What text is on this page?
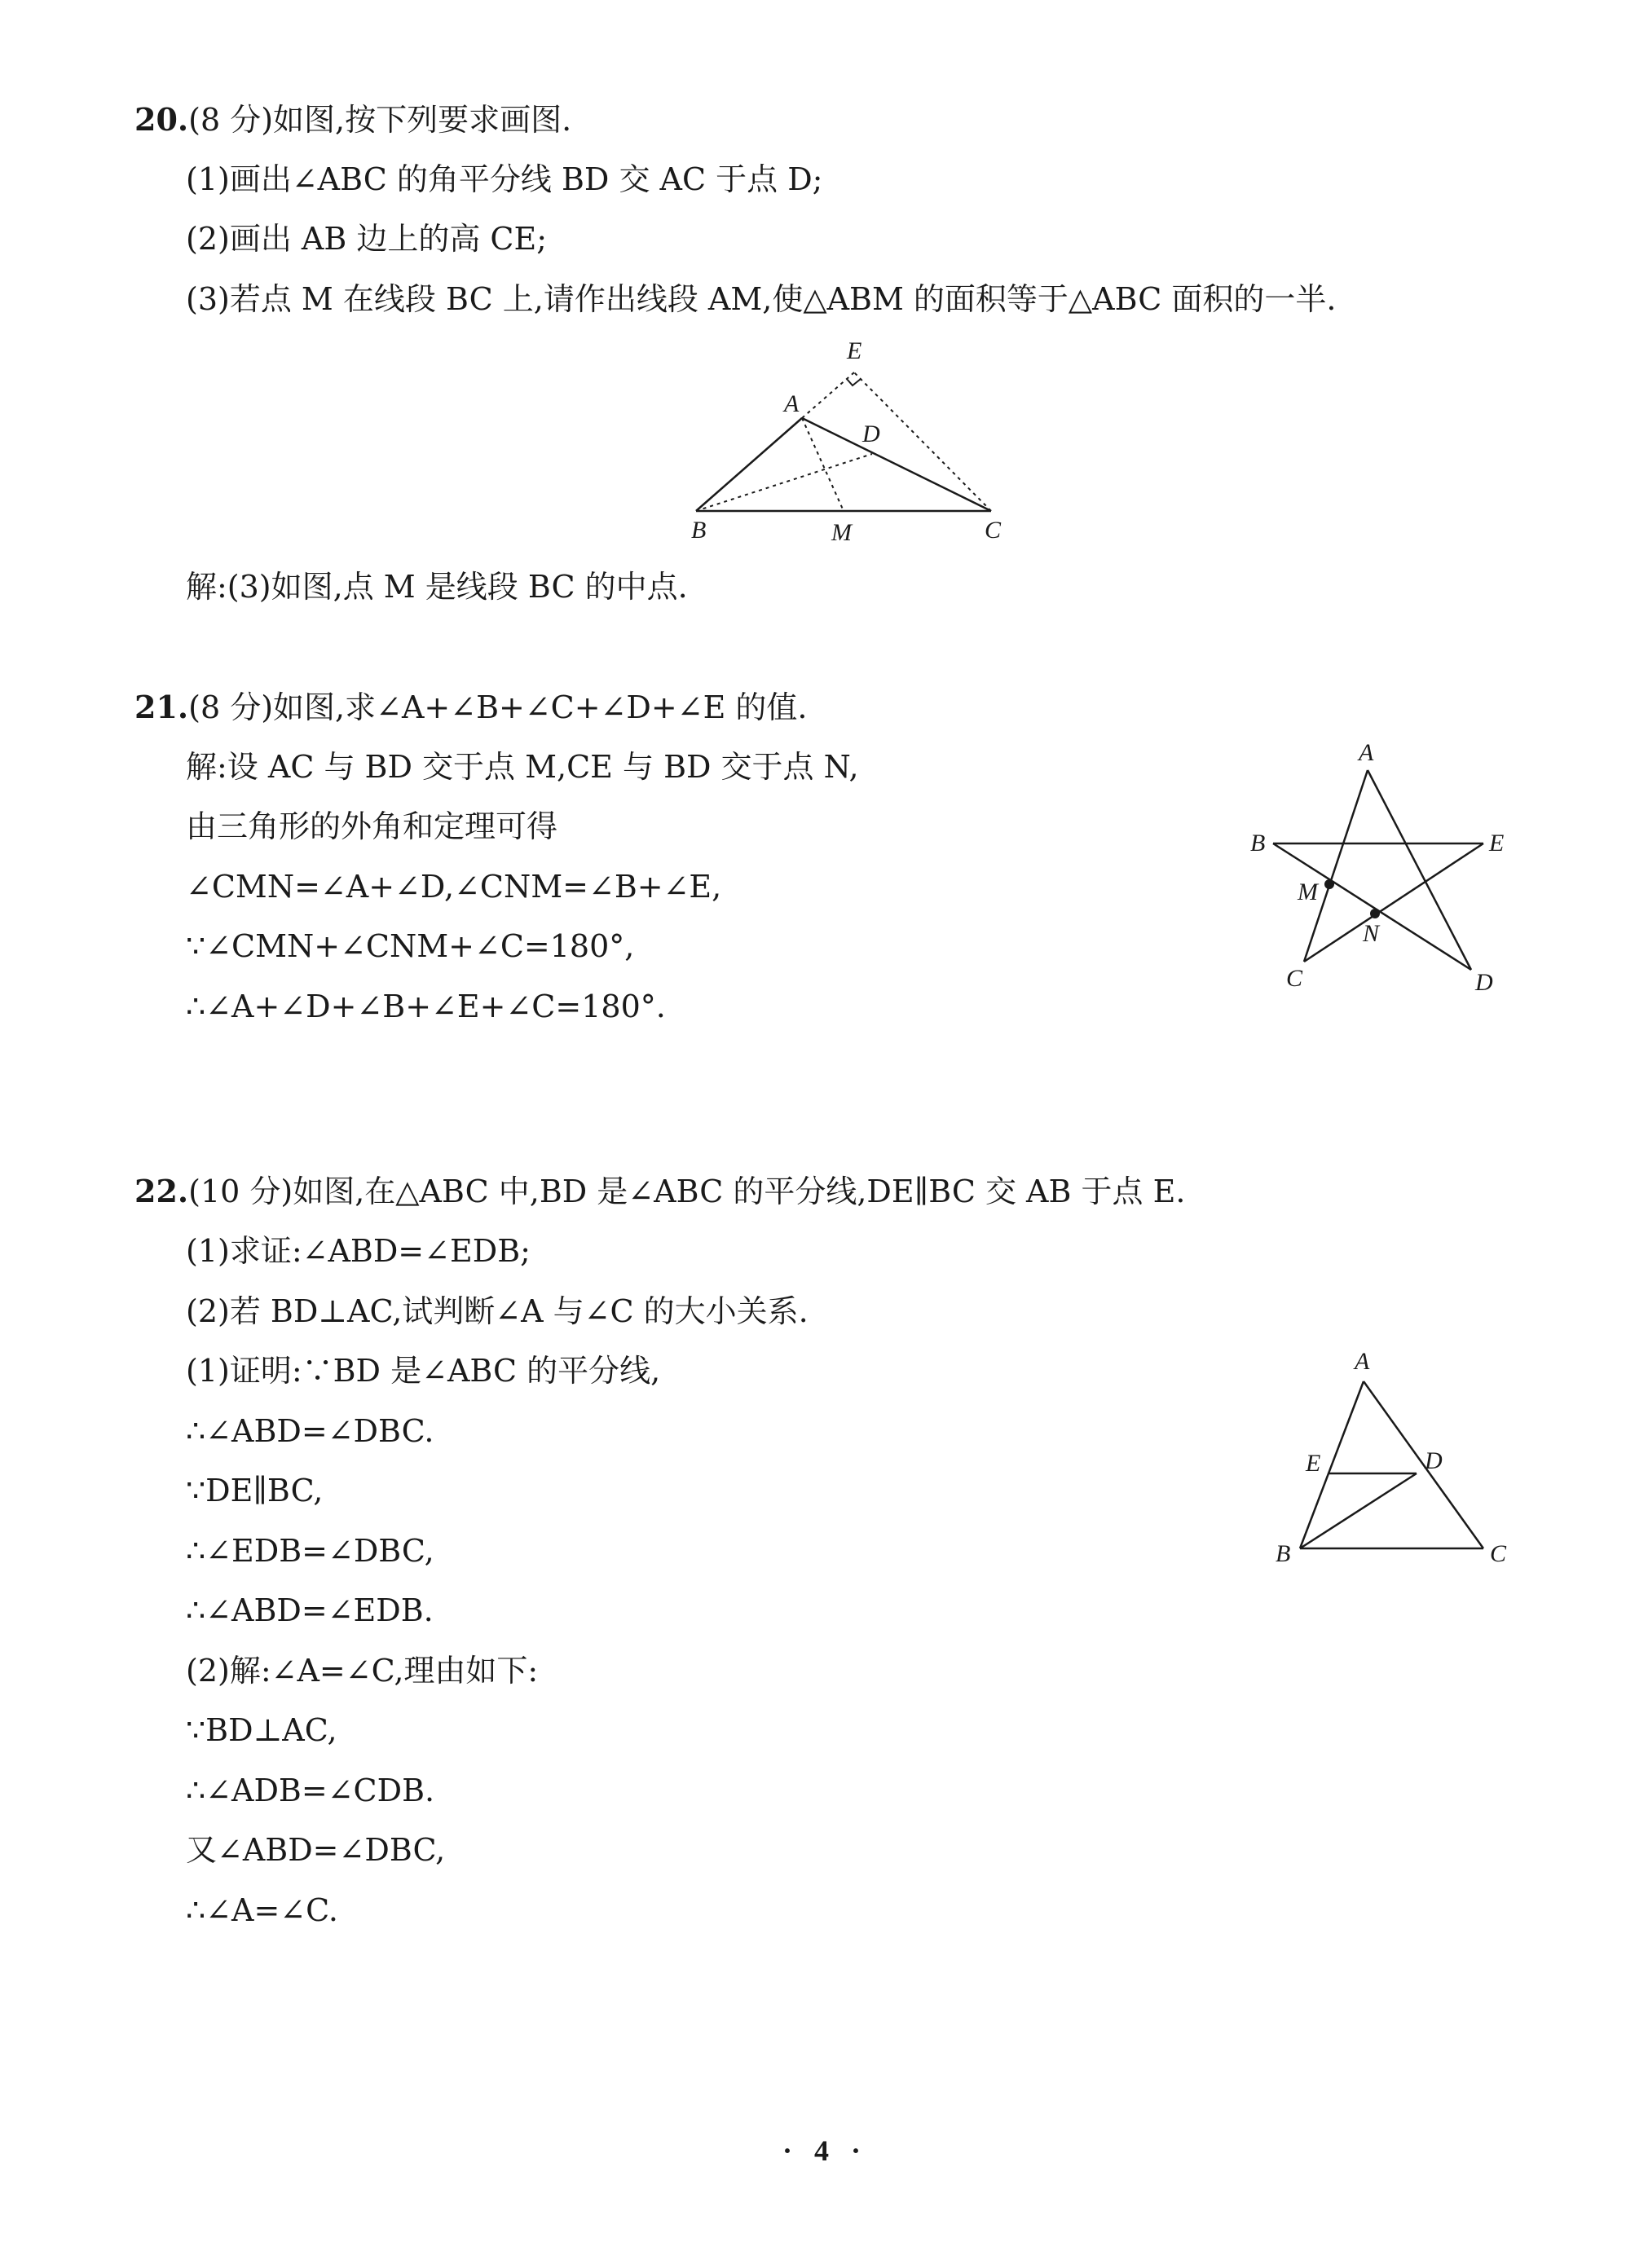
20.(8 分)如图,按下列要求画图.
(1)画出∠ABC 的角平分线 BD 交 AC 于点 D;
(2)画出 AB 边上的高 CE;
(3)若点 M 在线段 BC 上,请作出线段 AM,使△ABM 的面积等于△ABC 面积的一半.
E
A
D
B	M	C
解:(3)如图,点 M 是线段 BC 的中点.
21.(8 分)如图,求∠A+∠B+∠C+∠D+∠E 的值.
解:设 AC 与 BD 交于点 M,CE 与 BD 交于点 N,
由三角形的外角和定理可得
∠CMN=∠A+∠D,∠CNM=∠B+∠E,
∵∠CMN+∠CNM+∠C=180°,
∴∠A+∠D+∠B+∠E+∠C=180°.
A
B	E
M
N
C	D
22.(10 分)如图,在△ABC 中,BD 是∠ABC 的平分线,DE∥BC 交 AB 于点 E.
(1)求证:∠ABD=∠EDB;
(2)若 BD⊥AC,试判断∠A 与∠C 的大小关系.
(1)证明:∵BD 是∠ABC 的平分线,
∴∠ABD=∠DBC.
∵DE∥BC,
∴∠EDB=∠DBC,
∴∠ABD=∠EDB.
(2)解:∠A=∠C,理由如下:
∵BD⊥AC,
∴∠ADB=∠CDB.
又∠ABD=∠DBC,
∴∠A=∠C.
A
E	D
B	C
· 4 ·
